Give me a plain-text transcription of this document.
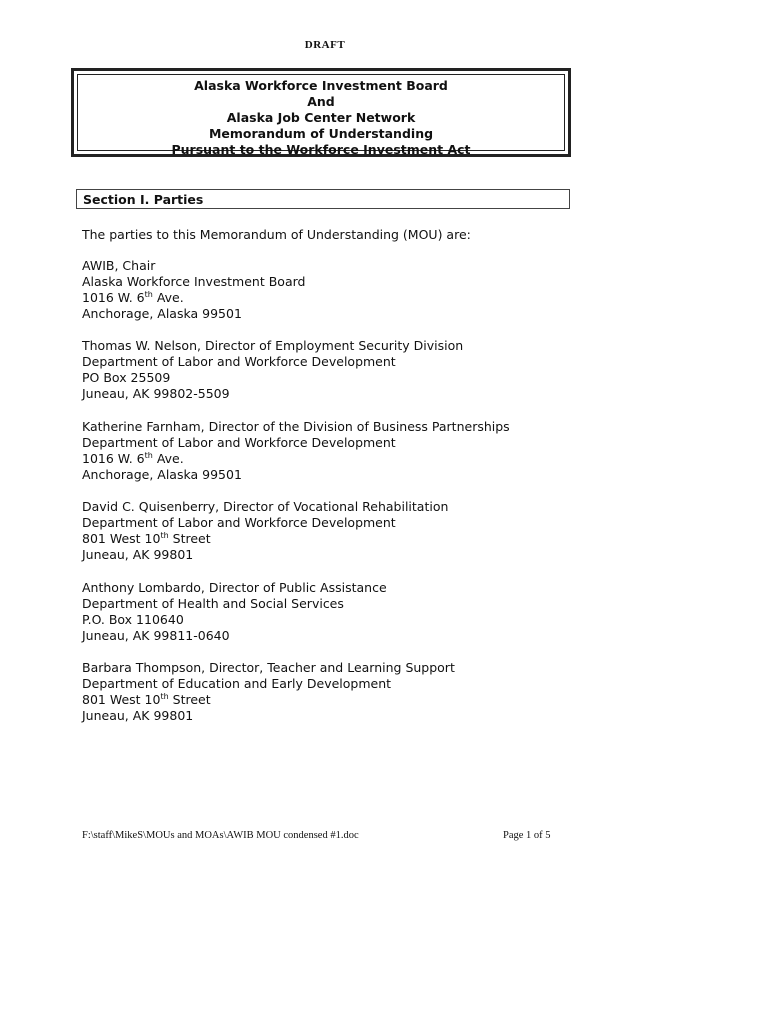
DRAFT
Alaska Workforce Investment Board
And
Alaska Job Center Network
Memorandum of Understanding
Pursuant to the Workforce Investment Act
Section I. Parties
The parties to this Memorandum of Understanding (MOU) are:
AWIB, Chair
Alaska Workforce Investment Board
1016 W. 6th Ave.
Anchorage, Alaska 99501
Thomas W. Nelson, Director of Employment Security Division
Department of Labor and Workforce Development
PO Box 25509
Juneau, AK 99802-5509
Katherine Farnham, Director of the Division of Business Partnerships
Department of Labor and Workforce Development
1016 W. 6th Ave.
Anchorage, Alaska 99501
David C. Quisenberry, Director of Vocational Rehabilitation
Department of Labor and Workforce Development
801 West 10th Street
Juneau, AK 99801
Anthony Lombardo, Director of Public Assistance
Department of Health and Social Services
P.O. Box 110640
Juneau, AK 99811-0640
Barbara Thompson, Director, Teacher and Learning Support
Department of Education and Early Development
801 West 10th Street
Juneau, AK 99801
F:\staff\MikeS\MOUs and MOAs\AWIB MOU condensed #1.doc	Page 1 of 5
